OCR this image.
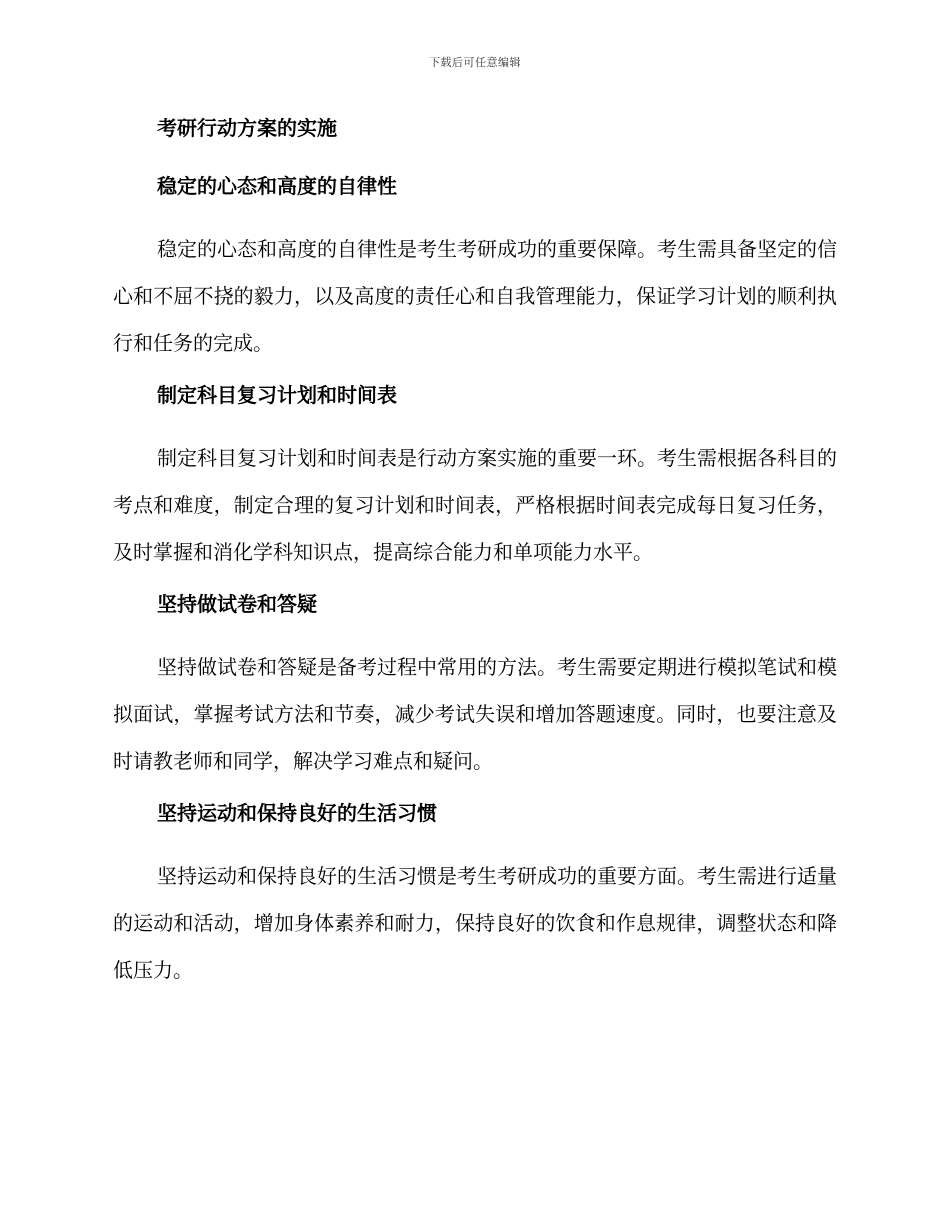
下载后可任意编辑
考研行动方案的实施
稳定的心态和高度的自律性

稳定的心态和高度的自律性是考生考研成功的重要保障。考生需具备坚定的信心和不屈不挠的毅力，以及高度的责任心和自我管理能力，保证学习计划的顺利执行和任务的完成。

制定科目复习计划和时间表

制定科目复习计划和时间表是行动方案实施的重要一环。考生需根据各科目的考点和难度，制定合理的复习计划和时间表，严格根据时间表完成每日复习任务，及时掌握和消化学科知识点，提高综合能力和单项能力水平。

坚持做试卷和答疑

坚持做试卷和答疑是备考过程中常用的方法。考生需要定期进行模拟笔试和模拟面试，掌握考试方法和节奏，减少考试失误和增加答题速度。同时，也要注意及时请教老师和同学，解决学习难点和疑问。

坚持运动和保持良好的生活习惯

坚持运动和保持良好的生活习惯是考生考研成功的重要方面。考生需进行适量的运动和活动，增加身体素养和耐力，保持良好的饮食和作息规律，调整状态和降低压力。
